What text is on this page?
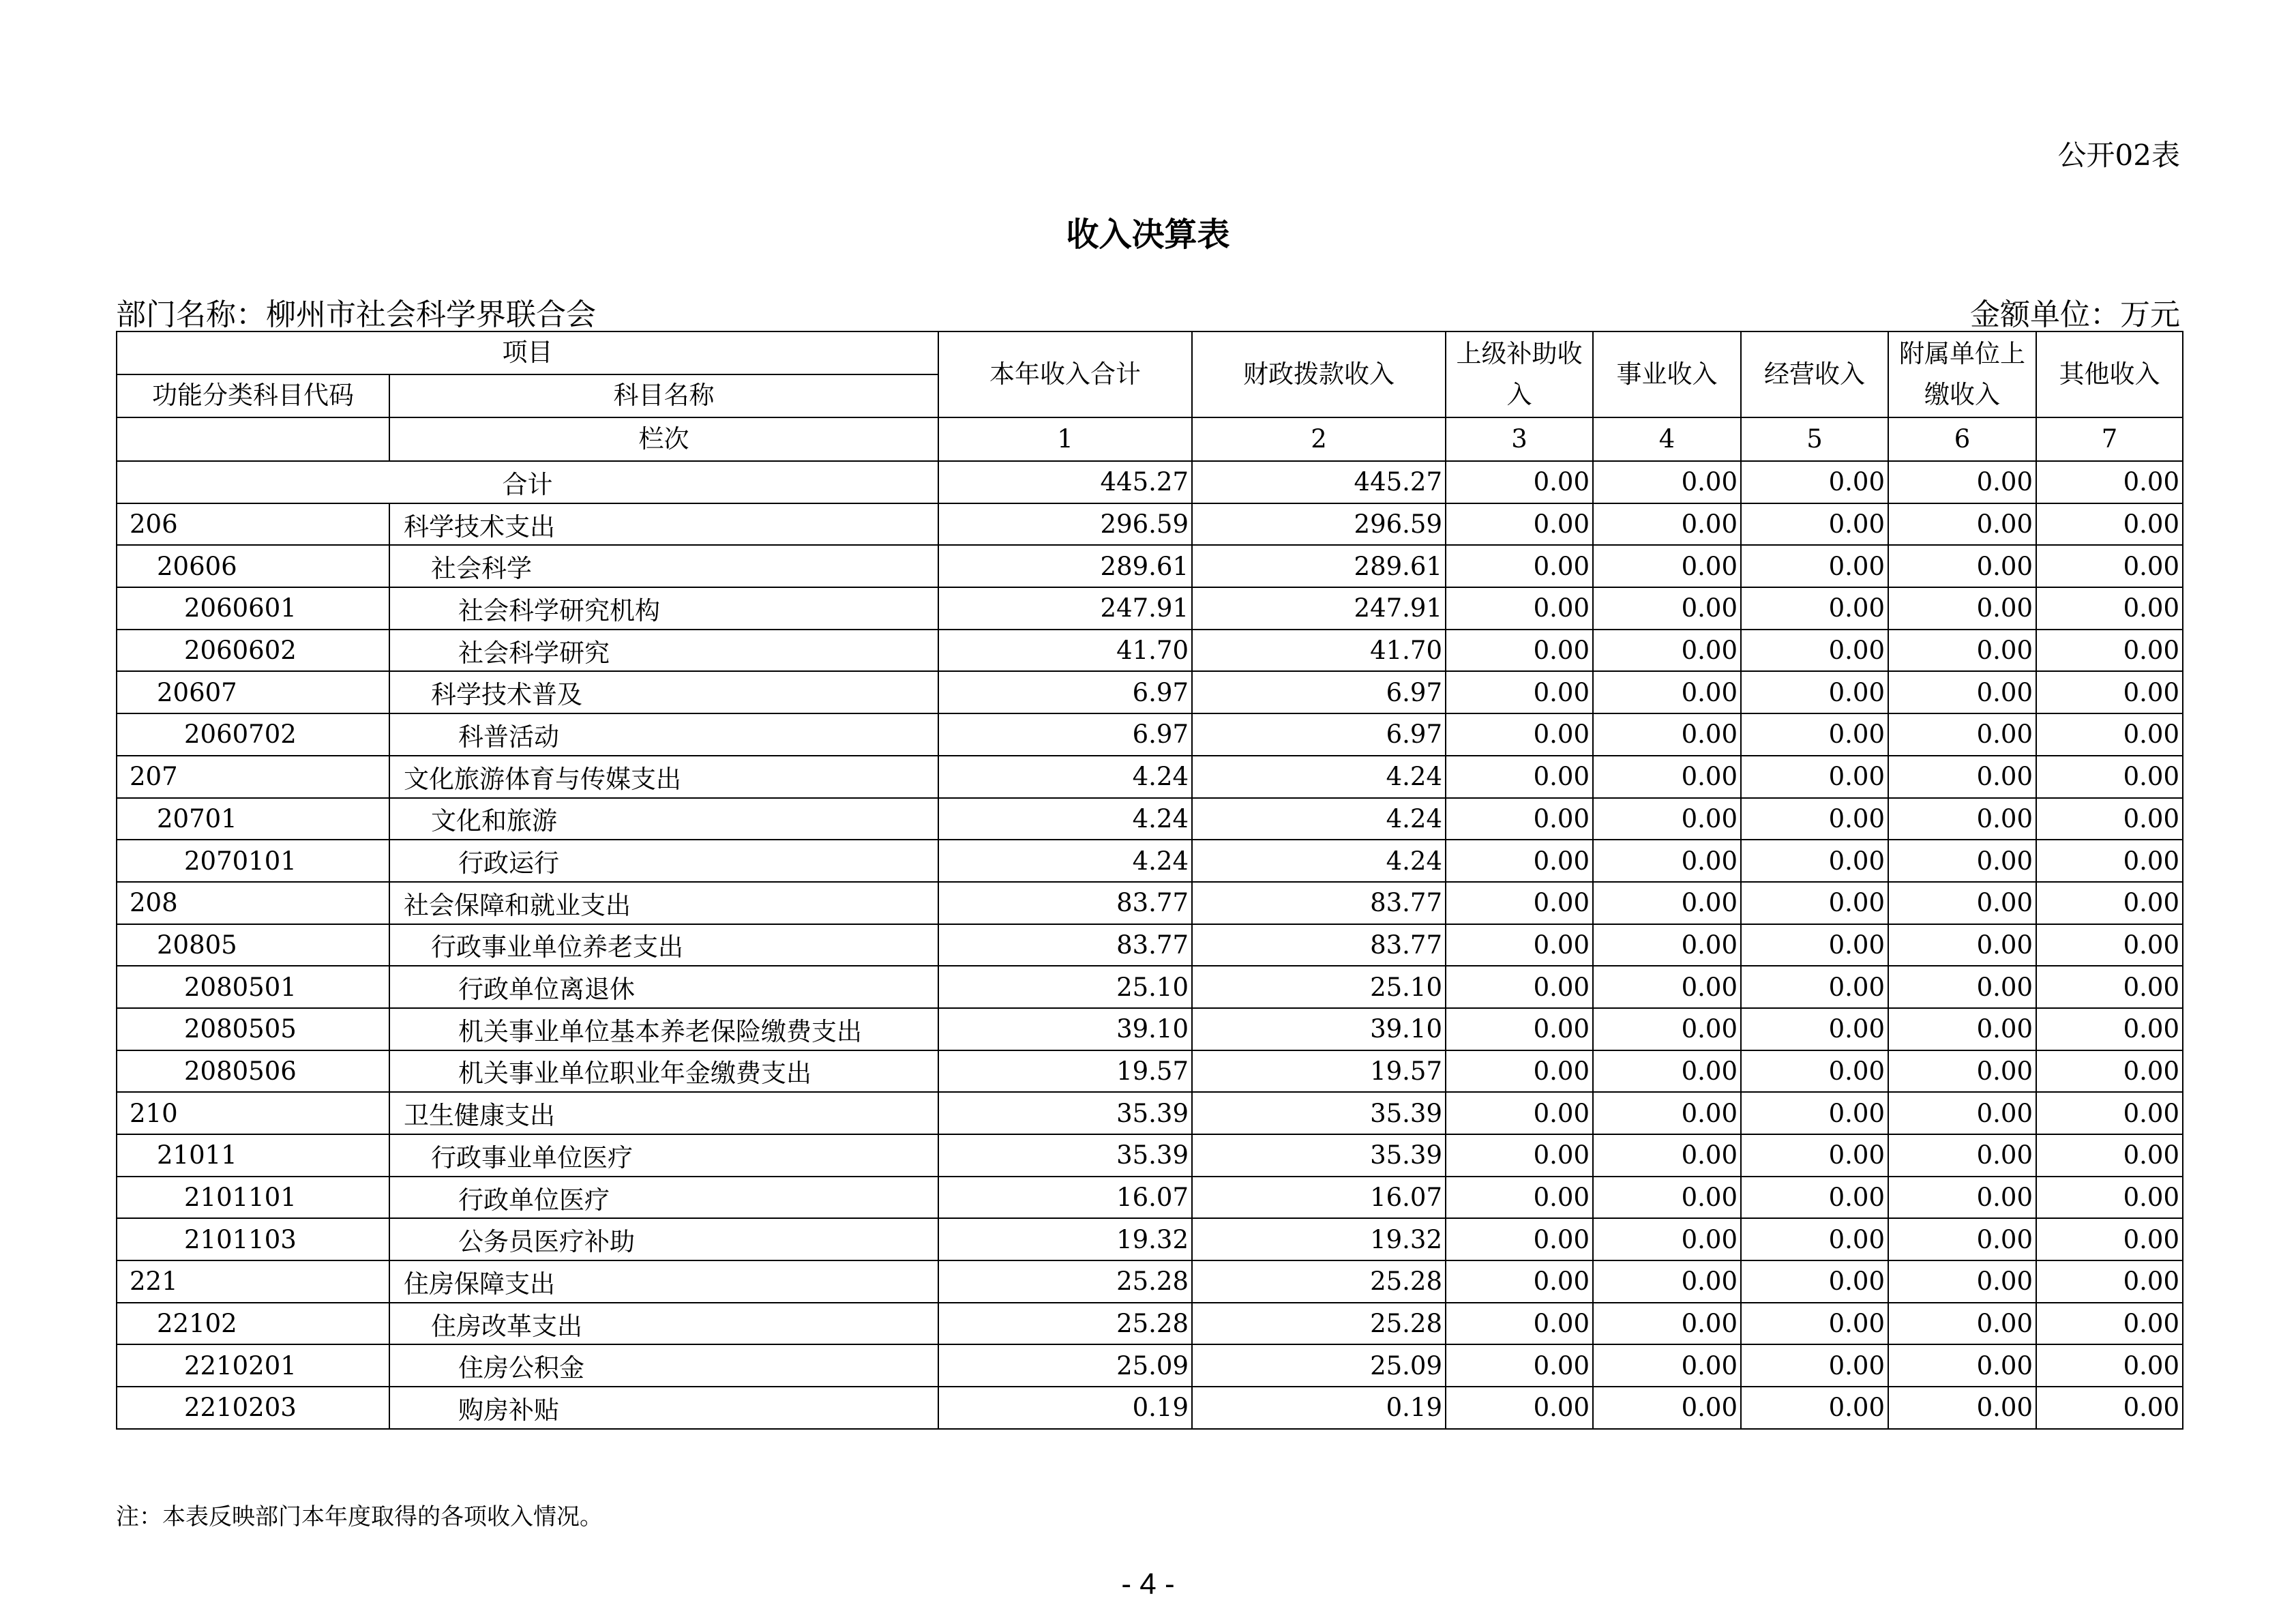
公开02表
收入决算表
部门名称：柳州市社会科学界联合会	金额单位：万元
项目		本年收入合计	财政拨款收入	上级补助收入	事业收入	经营收入	附属单位上缴收入	其他收入
功能分类科目代码	科目名称							
	栏次	1	2	3	4	5	6	7
合计		445.27	445.27	0.00	0.00	0.00	0.00	0.00
206	科学技术支出	296.59	296.59	0.00	0.00	0.00	0.00	0.00
20606	社会科学	289.61	289.61	0.00	0.00	0.00	0.00	0.00
2060601	社会科学研究机构	247.91	247.91	0.00	0.00	0.00	0.00	0.00
2060602	社会科学研究	41.70	41.70	0.00	0.00	0.00	0.00	0.00
20607	科学技术普及	6.97	6.97	0.00	0.00	0.00	0.00	0.00
2060702	科普活动	6.97	6.97	0.00	0.00	0.00	0.00	0.00
207	文化旅游体育与传媒支出	4.24	4.24	0.00	0.00	0.00	0.00	0.00
20701	文化和旅游	4.24	4.24	0.00	0.00	0.00	0.00	0.00
2070101	行政运行	4.24	4.24	0.00	0.00	0.00	0.00	0.00
208	社会保障和就业支出	83.77	83.77	0.00	0.00	0.00	0.00	0.00
20805	行政事业单位养老支出	83.77	83.77	0.00	0.00	0.00	0.00	0.00
2080501	行政单位离退休	25.10	25.10	0.00	0.00	0.00	0.00	0.00
2080505	机关事业单位基本养老保险缴费支出	39.10	39.10	0.00	0.00	0.00	0.00	0.00
2080506	机关事业单位职业年金缴费支出	19.57	19.57	0.00	0.00	0.00	0.00	0.00
210	卫生健康支出	35.39	35.39	0.00	0.00	0.00	0.00	0.00
21011	行政事业单位医疗	35.39	35.39	0.00	0.00	0.00	0.00	0.00
2101101	行政单位医疗	16.07	16.07	0.00	0.00	0.00	0.00	0.00
2101103	公务员医疗补助	19.32	19.32	0.00	0.00	0.00	0.00	0.00
221	住房保障支出	25.28	25.28	0.00	0.00	0.00	0.00	0.00
22102	住房改革支出	25.28	25.28	0.00	0.00	0.00	0.00	0.00
2210201	住房公积金	25.09	25.09	0.00	0.00	0.00	0.00	0.00
2210203	购房补贴	0.19	0.19	0.00	0.00	0.00	0.00	0.00
注：本表反映部门本年度取得的各项收入情况。
- 4 -
